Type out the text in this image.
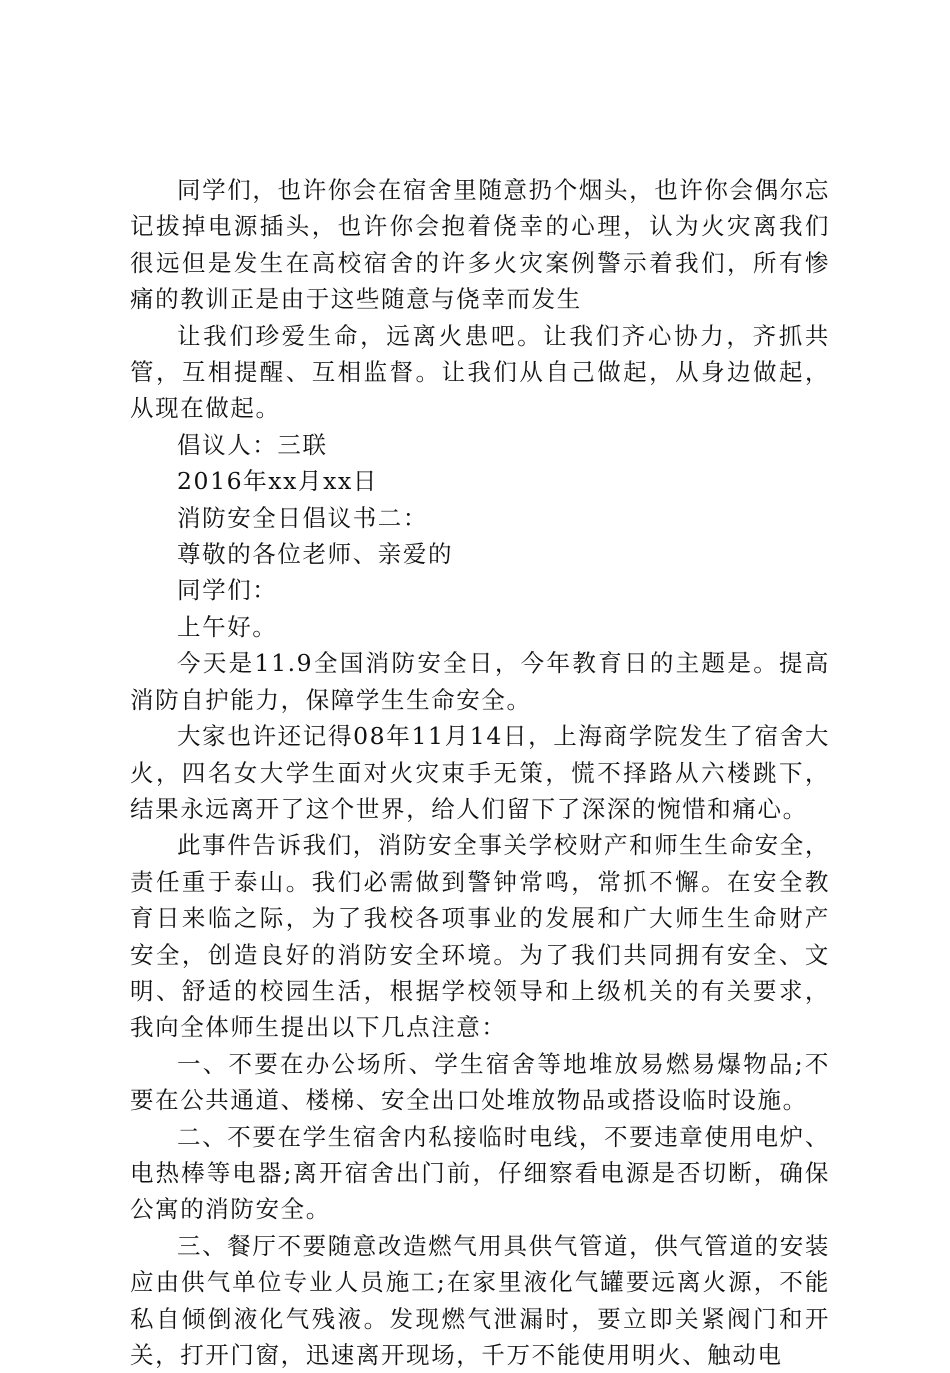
同学们，也许你会在宿舍里随意扔个烟头，也许你会偶尔忘记拔掉电源插头，也许你会抱着侥幸的心理，认为火灾离我们很远但是发生在高校宿舍的许多火灾案例警示着我们，所有惨痛的教训正是由于这些随意与侥幸而发生

让我们珍爱生命，远离火患吧。让我们齐心协力，齐抓共管，互相提醒、互相监督。让我们从自己做起，从身边做起，从现在做起。

倡议人：三联

2016年xx月xx日

消防安全日倡议书二：

尊敬的各位老师、亲爱的

同学们：

上午好。

今天是11.9全国消防安全日，今年教育日的主题是。提高消防自护能力，保障学生生命安全。

大家也许还记得08年11月14日，上海商学院发生了宿舍大火，四名女大学生面对火灾束手无策，慌不择路从六楼跳下，结果永远离开了这个世界，给人们留下了深深的惋惜和痛心。

此事件告诉我们，消防安全事关学校财产和师生生命安全，责任重于泰山。我们必需做到警钟常鸣，常抓不懈。在安全教育日来临之际，为了我校各项事业的发展和广大师生生命财产安全，创造良好的消防安全环境。为了我们共同拥有安全、文明、舒适的校园生活，根据学校领导和上级机关的有关要求，我向全体师生提出以下几点注意：

一、不要在办公场所、学生宿舍等地堆放易燃易爆物品;不要在公共通道、楼梯、安全出口处堆放物品或搭设临时设施。

二、不要在学生宿舍内私接临时电线，不要违章使用电炉、电热棒等电器;离开宿舍出门前，仔细察看电源是否切断，确保公寓的消防安全。

三、餐厅不要随意改造燃气用具供气管道，供气管道的安装应由供气单位专业人员施工;在家里液化气罐要远离火源，不能私自倾倒液化气残液。发现燃气泄漏时，要立即关紧阀门和开关，打开门窗，迅速离开现场，千万不能使用明火、触动电
